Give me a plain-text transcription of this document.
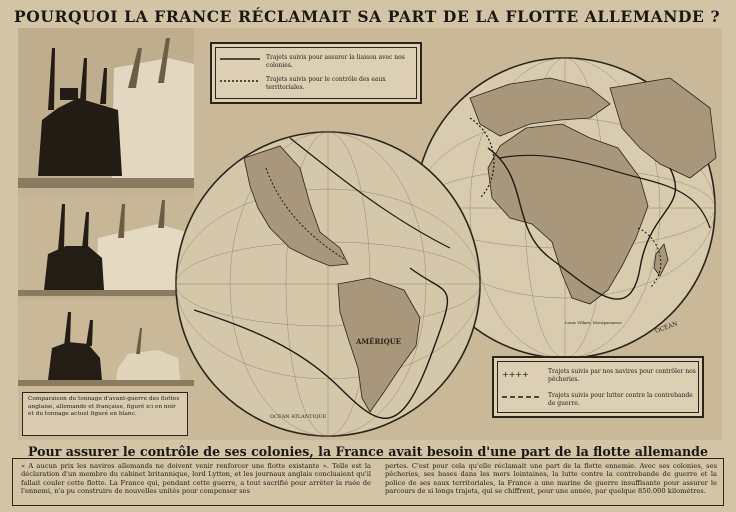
POURQUOI LA FRANCE RÉCLAMAIT SA PART DE LA FLOTTE ALLEMANDE ?
Comparaison du tonnage d'avant-guerre des flottes anglaise, allemande et française, figuré ici en noir et du tonnage actuel figuré en blanc.
OCÉAN
Louis Villars, Montparnasse
AMÉRIQUE
OCÉAN ATLANTIQUE
Trajets suivis pour assurer la liaison avec nos colonies.
Trajets suivis pour le contrôle des eaux territoriales.
++++	Trajets suivis par nos navires pour contrôler nos pêcheries.
Trajets suivis pour lutter contre la contrebande de guerre.
Pour assurer le contrôle de ses colonies, la France avait besoin d'une part de la flotte allemande
« A aucun prix les navires allemands ne doivent venir renforcer une flotte existante ». Telle est la déclaration d'un membre du cabinet britannique, lord Lytton, et les journaux anglais concluaient qu'il fallait couler cette flotte. La France qui, pendant cette guerre, a tout sacrifié pour arrêter la ruée de l'ennemi, n'a pu construire de nouvelles unités pour compenser ses
pertes. C'est pour cela qu'elle réclamait une part de la flotte ennemie. Avec ses colonies, ses pêcheries, ses bases dans les mers lointaines, la lutte contre la contrebande de guerre et la police de ses eaux territoriales, la France a une marine de guerre insuffisante pour assurer le parcours de si longs trajets, qui se chiffrent, pour une année, par quelque 850.000 kilomètres.
